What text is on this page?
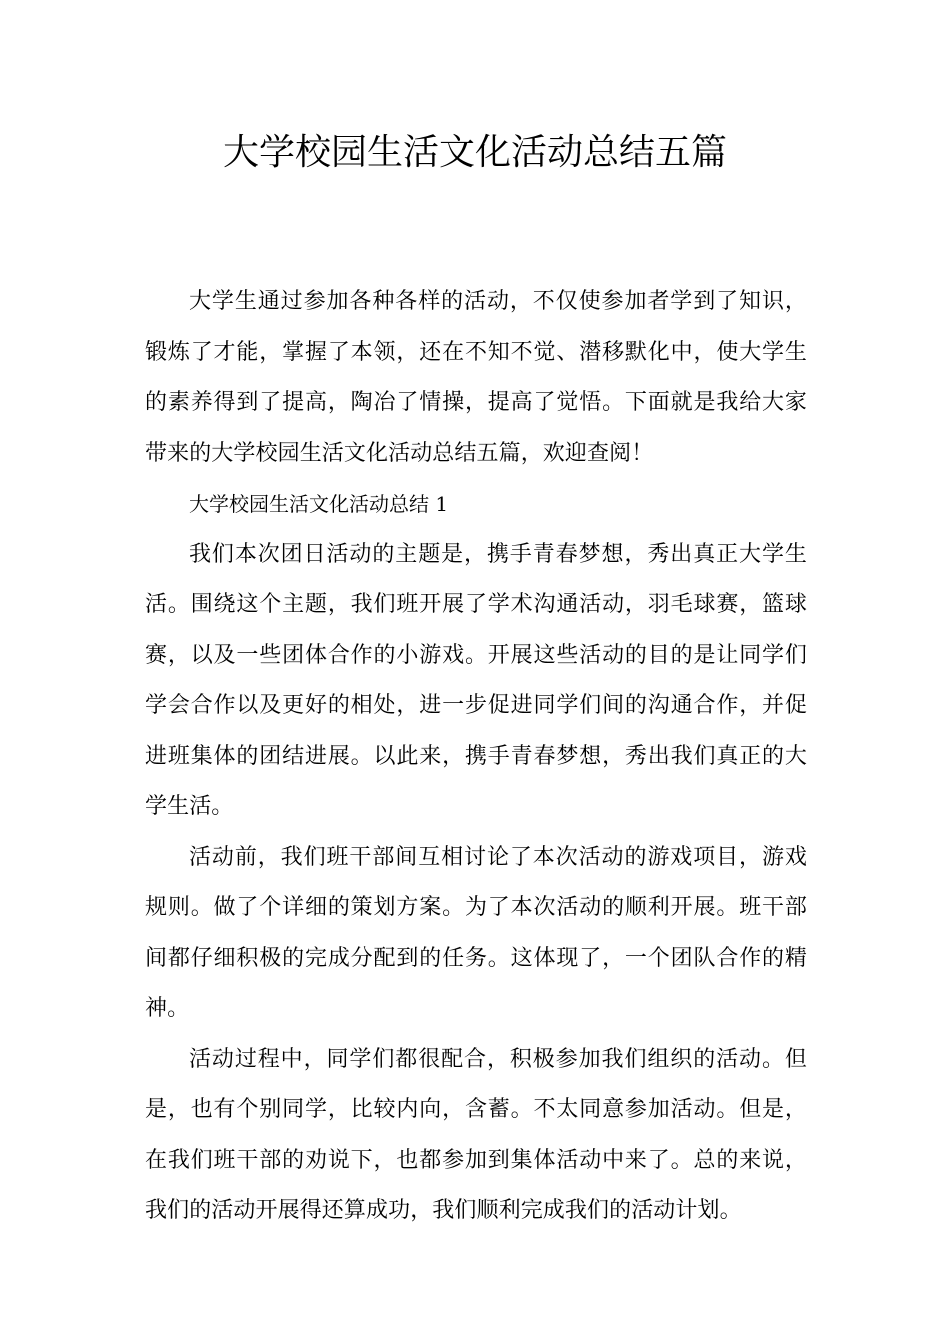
大学校园生活文化活动总结五篇

大学生通过参加各种各样的活动，不仅使参加者学到了知识，锻炼了才能，掌握了本领，还在不知不觉、潜移默化中，使大学生的素养得到了提高，陶冶了情操，提高了觉悟。下面就是我给大家带来的大学校园生活文化活动总结五篇，欢迎查阅！

大学校园生活文化活动总结 1

我们本次团日活动的主题是，携手青春梦想，秀出真正大学生活。围绕这个主题，我们班开展了学术沟通活动，羽毛球赛，篮球赛，以及一些团体合作的小游戏。开展这些活动的目的是让同学们学会合作以及更好的相处，进一步促进同学们间的沟通合作，并促进班集体的团结进展。以此来，携手青春梦想，秀出我们真正的大学生活。

活动前，我们班干部间互相讨论了本次活动的游戏项目，游戏规则。做了个详细的策划方案。为了本次活动的顺利开展。班干部间都仔细积极的完成分配到的任务。这体现了，一个团队合作的精神。

活动过程中，同学们都很配合，积极参加我们组织的活动。但是，也有个别同学，比较内向，含蓄。不太同意参加活动。但是，在我们班干部的劝说下，也都参加到集体活动中来了。总的来说，我们的活动开展得还算成功，我们顺利完成我们的活动计划。
